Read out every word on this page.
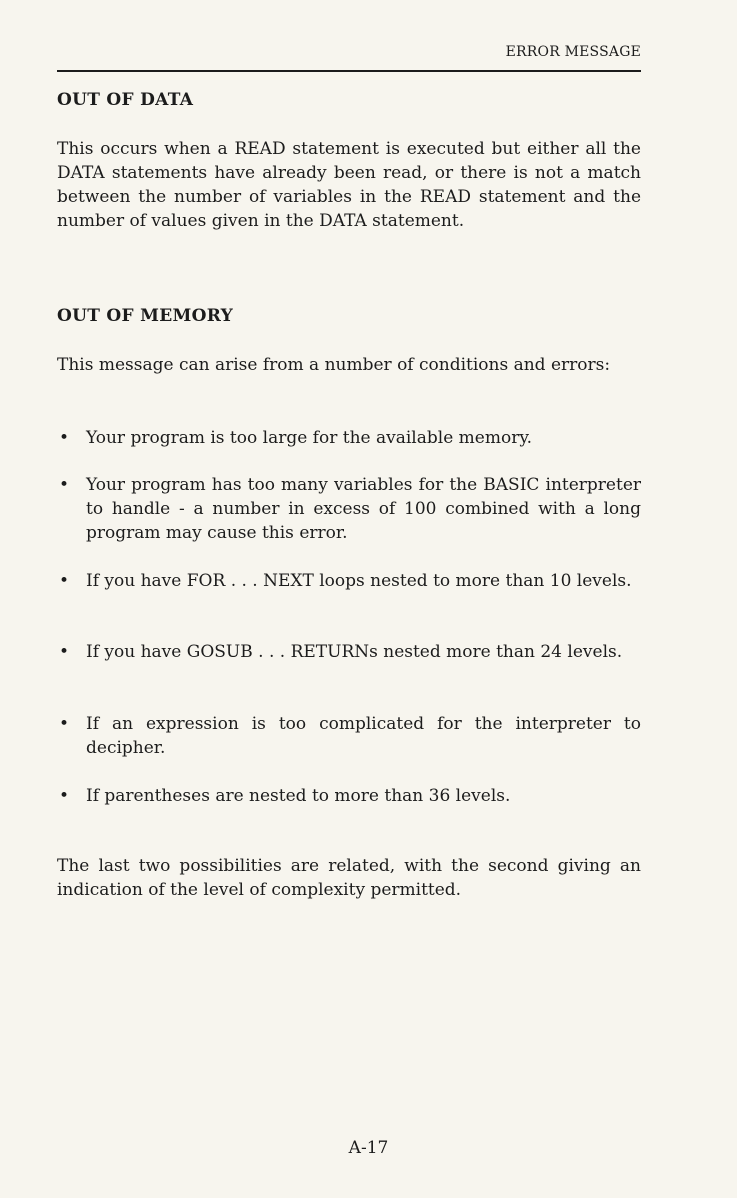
ERROR MESSAGE
OUT OF DATA

This occurs when a READ statement is executed but either all the DATA statements have already been read, or there is not a match between the number of variables in the READ statement and the number of values given in the DATA statement.

OUT OF MEMORY

This message can arise from a number of conditions and errors:

• Your program is too large for the available memory.
• Your program has too many variables for the BASIC interpreter to handle - a number in excess of 100 combined with a long program may cause this error.
• If you have FOR . . . NEXT loops nested to more than 10 levels.
• If you have GOSUB . . . RETURNs nested more than 24 levels.
• If an expression is too complicated for the interpreter to decipher.
• If parentheses are nested to more than 36 levels.

The last two possibilities are related, with the second giving an indication of the level of complexity permitted.

A-17
